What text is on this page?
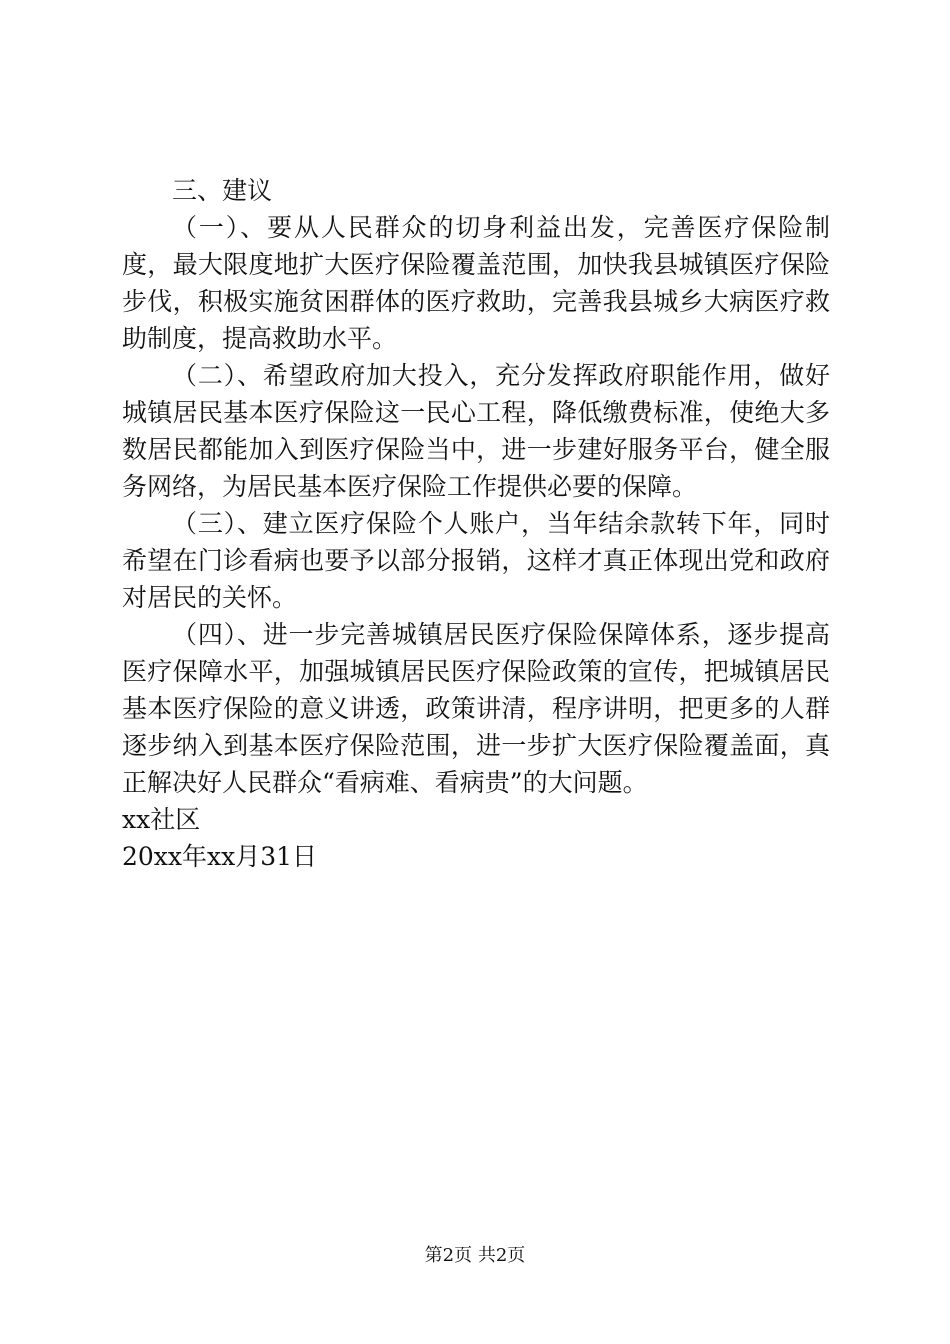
三、建议

（一）、要从人民群众的切身利益出发，完善医疗保险制度，最大限度地扩大医疗保险覆盖范围，加快我县城镇医疗保险步伐，积极实施贫困群体的医疗救助，完善我县城乡大病医疗救助制度，提高救助水平。

（二）、希望政府加大投入，充分发挥政府职能作用，做好城镇居民基本医疗保险这一民心工程，降低缴费标准，使绝大多数居民都能加入到医疗保险当中，进一步建好服务平台，健全服务网络，为居民基本医疗保险工作提供必要的保障。

（三）、建立医疗保险个人账户，当年结余款转下年，同时希望在门诊看病也要予以部分报销，这样才真正体现出党和政府对居民的关怀。

（四）、进一步完善城镇居民医疗保险保障体系，逐步提高医疗保障水平，加强城镇居民医疗保险政策的宣传，把城镇居民基本医疗保险的意义讲透，政策讲清，程序讲明，把更多的人群逐步纳入到基本医疗保险范围，进一步扩大医疗保险覆盖面，真正解决好人民群众“看病难、看病贵”的大问题。

xx社区

20xx年xx月31日

第2页 共2页
